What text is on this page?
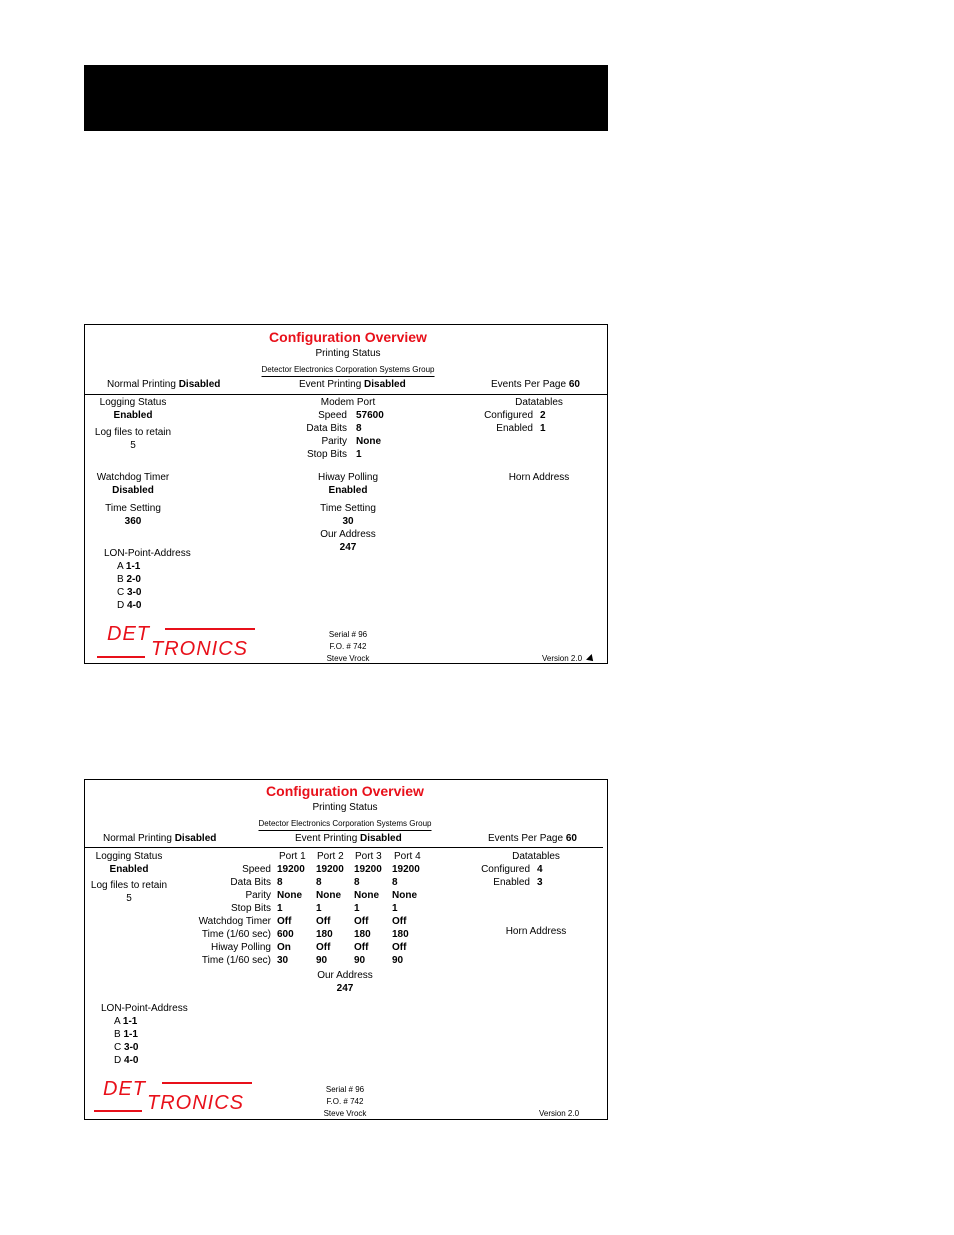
Configuration Overview
Printing Status
Detector Electronics Corporation Systems Group
Normal Printing Disabled	Event Printing Disabled	Events Per Page 60
Logging Status
Enabled
Log files to retain
5
Modem Port
Speed 57600
Data Bits 8
Parity None
Stop Bits 1
Datatables
Configured 2
Enabled 1
Watchdog Timer
Disabled
Hiway Polling
Enabled
Horn Address
Time Setting
360
Time Setting
30
Our Address
247
LON-Point-Address
A 1-1
B 2-0
C 3-0
D 4-0
DET
TRONICS
Serial # 96
F.O. # 742
Steve Vrock	Version 2.0
Configuration Overview
Printing Status
Detector Electronics Corporation Systems Group
Normal Printing Disabled	Event Printing Disabled	Events Per Page 60
Logging Status
Enabled
Log files to retain
5
Port 1 Port 2 Port 3 Port 4
Speed 19200 19200 19200 19200
Data Bits 8	8	8	8
Parity None None None None
Stop Bits 1	1	1	1
Watchdog Timer Off Off Off Off
Time (1/60 sec) 600 180 180 180
Hiway Polling On	Off Off Off
Time (1/60 sec) 30	90	90	90
Datatables
Configured 4
Enabled 3
Horn Address
Our Address
247
LON-Point-Address
A 1-1
B 1-1
C 3-0
D 4-0
DET
TRONICS
Serial # 96
F.O. # 742
Steve Vrock	Version 2.0
